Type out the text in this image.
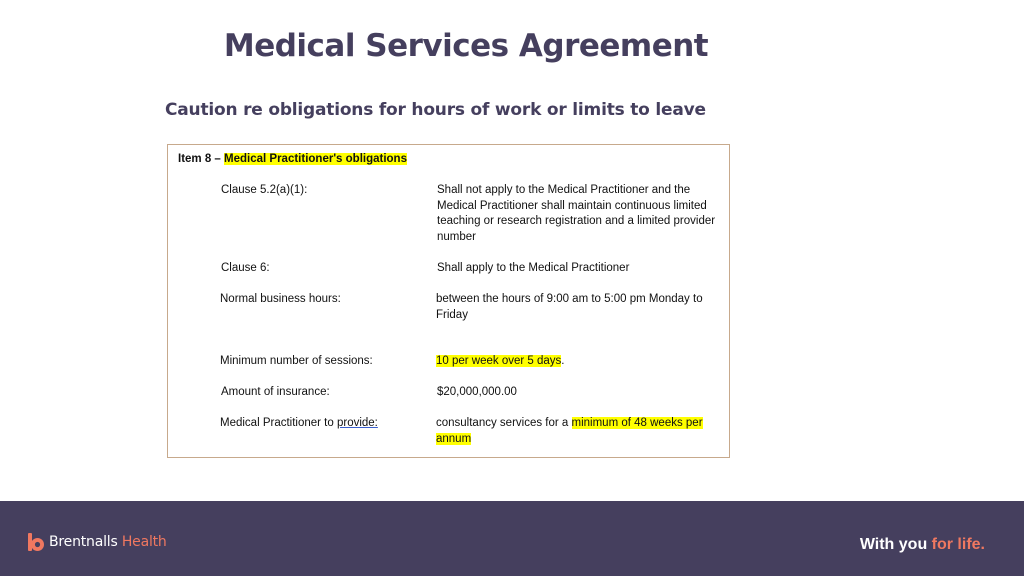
Medical Services Agreement
Caution re obligations for hours of work or limits to leave
Item 8 – Medical Practitioner's obligations
Clause 5.2(a)(1):	Shall not apply to the Medical Practitioner and the Medical Practitioner shall maintain continuous limited teaching or research registration and a limited provider number
Clause 6:	Shall apply to the Medical Practitioner
Normal business hours:	between the hours of 9:00 am to 5:00 pm Monday to Friday
Minimum number of sessions:	10 per week over 5 days.
Amount of insurance:	$20,000,000.00
Medical Practitioner to provide:	consultancy services for a minimum of 48 weeks per annum
Brentnalls Health	With you for life.
